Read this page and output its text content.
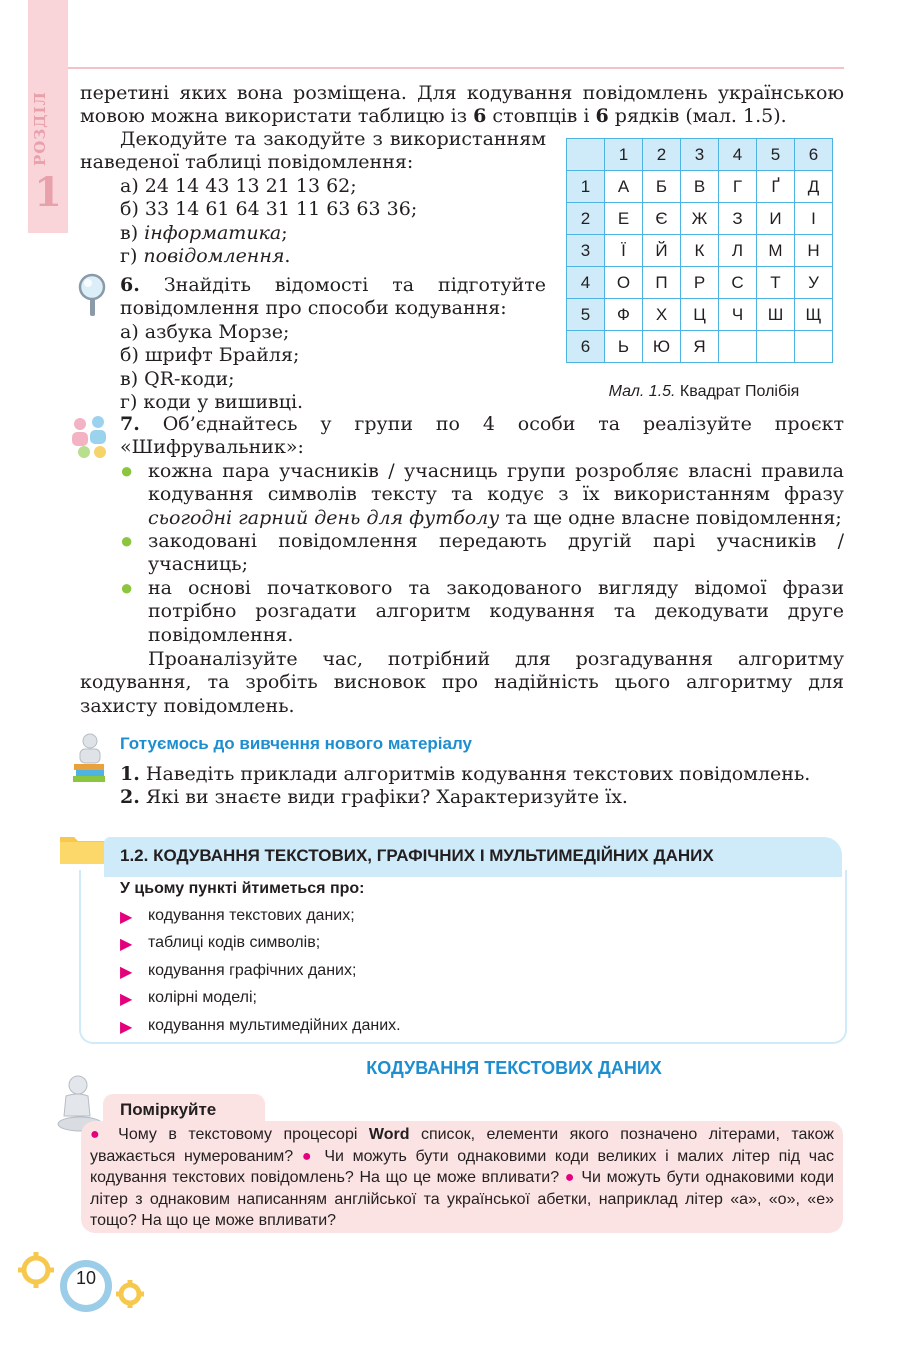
РОЗДІЛ
1
перетині яких вона розміщена. Для кодування повідомлень українською мовою можна використати таблицю із 6 стовпців і 6 рядків (мал. 1.5).
Декодуйте та закодуйте з використанням наведеної таблиці повідомлення:
а) 24 14 43 13 21 13 62;
б) 33 14 61 64 31 11 63 63 36;
в) інформатика;
г) повідомлення.
	1	2	3	4	5	6
1	А	Б	В	Г	Ґ	Д
2	Е	Є	Ж	З	И	І
3	Ї	Й	К	Л	М	Н
4	О	П	Р	С	Т	У
5	Ф	Х	Ц	Ч	Ш	Щ
6	Ь	Ю	Я			
Мал. 1.5. Квадрат Полібія
6. Знайдіть відомості та підготуйте повідомлення про способи кодування:
а) азбука Морзе;
б) шрифт Брайля;
в) QR-коди;
г) коди у вишивці.
7. Об’єднайтесь у групи по 4 особи та реалізуйте проєкт «Шифрувальник»:
● кожна пара учасників / учасниць групи розробляє власні правила кодування символів тексту та кодує з їх використанням фразу сьогодні гарний день для футболу та ще одне власне повідомлення;
● закодовані повідомлення передають другій парі учасників / учасниць;
● на основі початкового та закодованого вигляду відомої фрази потрібно розгадати алгоритм кодування та декодувати друге повідомлення.
Проаналізуйте час, потрібний для розгадування алгоритму кодування, та зробіть висновок про надійність цього алгоритму для захисту повідомлень.
Готуємось до вивчення нового матеріалу
1. Наведіть приклади алгоритмів кодування текстових повідомлень.
2. Які ви знаєте види графіки? Характеризуйте їх.
1.2. КОДУВАННЯ ТЕКСТОВИХ, ГРАФІЧНИХ І МУЛЬТИМЕДІЙНИХ ДАНИХ
У цьому пункті йтиметься про:
▶ кодування текстових даних;
▶ таблиці кодів символів;
▶ кодування графічних даних;
▶ колірні моделі;
▶ кодування мультимедійних даних.
КОДУВАННЯ ТЕКСТОВИХ ДАНИХ
Поміркуйте
● Чому в текстовому процесорі Word список, елементи якого позначено літерами, також уважається нумерованим? ● Чи можуть бути однаковими коди великих і малих літер під час кодування текстових повідомлень? На що це може впливати? ● Чи можуть бути однаковими коди літер з однаковим написанням англійської та української абетки, наприклад літер «а», «о», «е» тощо? На що це може впливати?
10
